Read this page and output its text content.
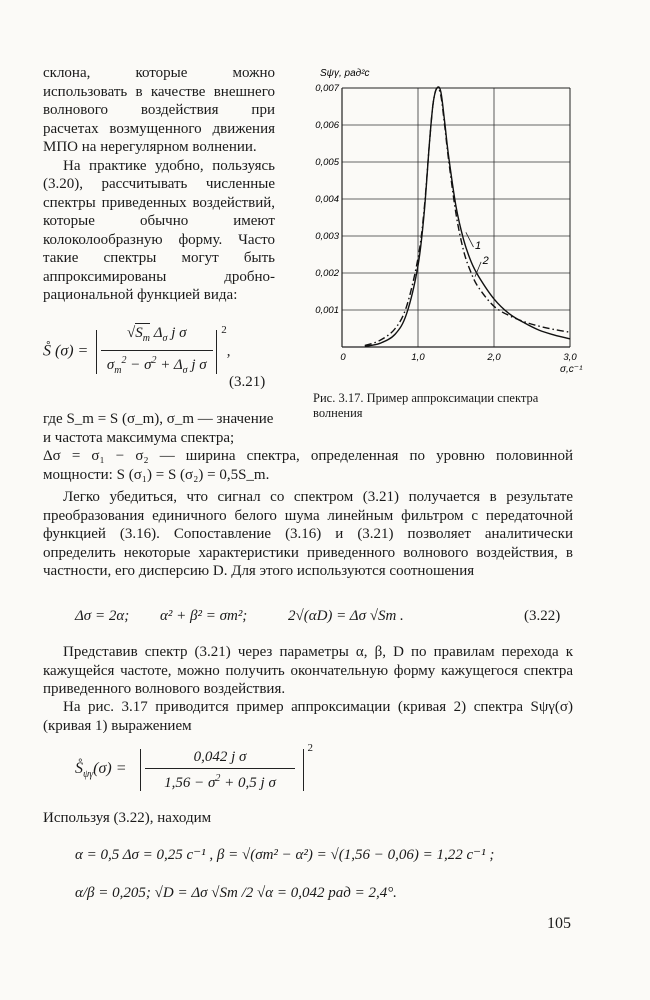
склона, которые можно использовать в качестве внешнего волнового воздействия при расчетах возмущенного движения МПО на нерегулярном волнении.

На практике удобно, пользуясь (3.20), рассчитывать численные спектры приведенных воздействий, которые обычно имеют колоколообразную форму. Часто такие спектры могут быть аппроксимированы дробно-рациональной функцией вида:

S̊ $(\sigma) = \frac{√S_m \Delta_\sigma j \sigma}{\sigma_m^2 - \sigma^2 + \Delta_\sigma j \sigma} ^2$,
(3.21)
где S_m = S (σ_m), σ_m — значение
и частота максимума спектра;
Δσ = σ₁ − σ₂ — ширина спектра, определенная по уровню половинной
мощности: S (σ₁) = S (σ₂) = 0,5S_m.
Легко убедиться, что сигнал со спектром (3.21) получается в результате преобразования единичного белого шума линейным фильтром с передаточной функцией (3.16). Сопоставление (3.16) и (3.21) позволяет аналитически определить некоторые характеристики приведенного волнового воздействия, в частности, его дисперсию D. Для этого используются соотношения
Δσ = 2α; α² + β² = σm²;	2√(αD) = Δσ √Sm .	(3.22)
Представив спектр (3.21) через параметры α, β, D по правилам перехода к кажущейся частоте, можно получить окончательную форму кажущегося спектра приведенного волнового воздействия.
На рис. 3.17 приводится пример аппроксимации (кривая 2) спектра Sψγ(σ) (кривая 1) выражением
$S̊_{\psi\gamma}(\sigma) = \frac{\text{0,042 j σ}}{1,56 - \sigma^2 + 0,5 j \sigma} ^2$
Используя (3.22), находим
α = 0,5 Δσ = 0,25 c⁻¹ , β = √(σm² − α²) = √(1,56 − 0,06) = 1,22 c⁻¹ ;
α/β = 0,205; √D = Δσ √Sm /2 √α = 0,042 рад = 2,4°.
105
0,001
0,002
0,003
0,004
0,005
0,006
0,007
0	1,0	2,0	3,0
Sψγ, рад²с
σ,c⁻¹
1
2
Рис. 3.17. Пример аппроксимации спектра волнения
